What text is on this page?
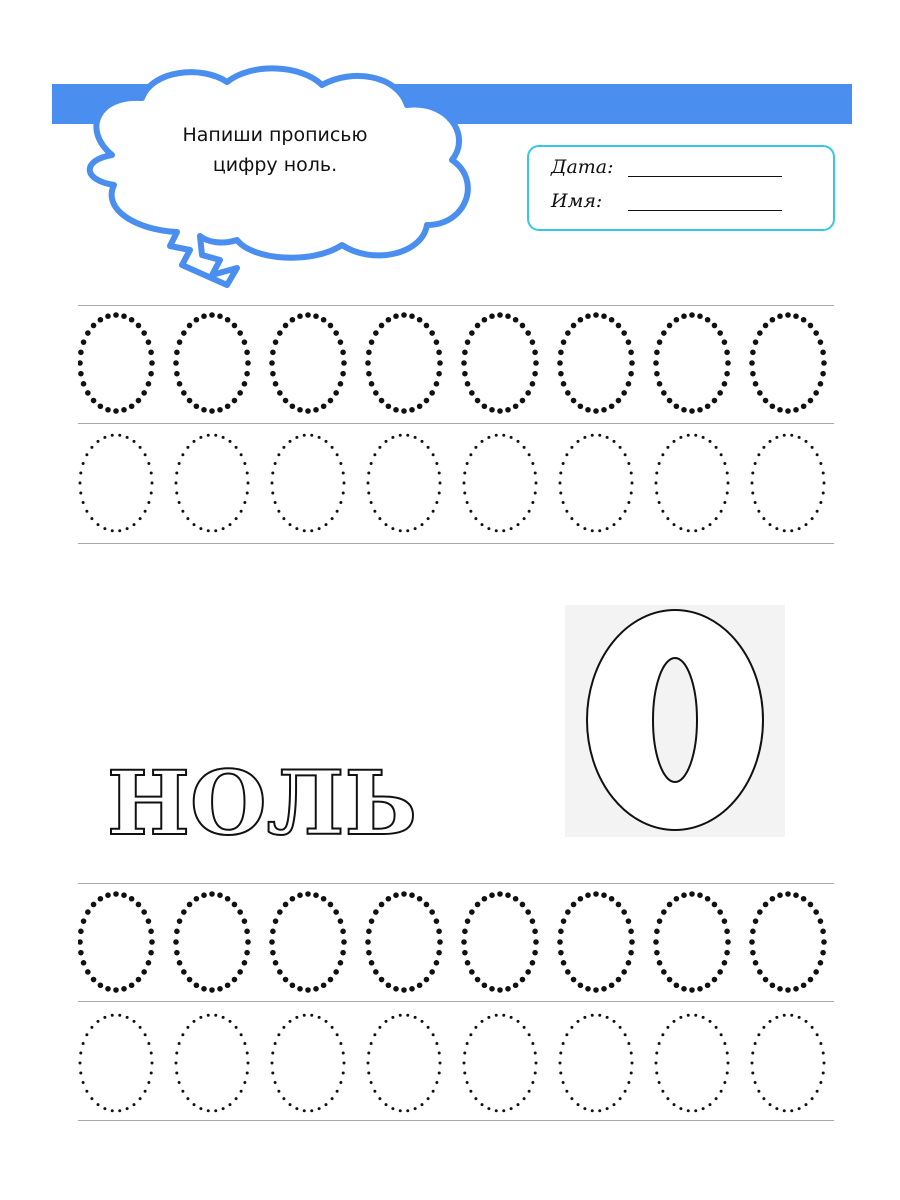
Напиши прописью
цифру ноль.	Дата:
Имя:
НОЛЬ
